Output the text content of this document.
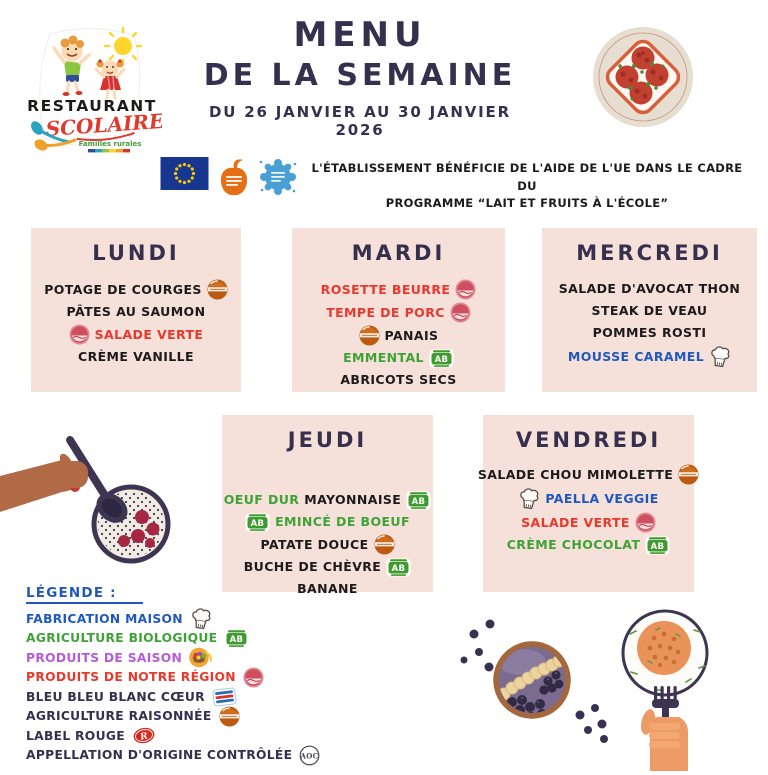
RESTAURANT
SCOLAIRE
Familles rurales
MENU
DE LA SEMAINE
DU 26 JANVIER AU 30 JANVIER 2026
L'ÉTABLISSEMENT BÉNÉFICIE DE L'AIDE DE L'UE DANS LE CADRE DU
PROGRAMME “LAIT ET FRUITS À L'ÉCOLE”
LUNDI
POTAGE DE COURGES
PÂTES AU SAUMON
SALADE VERTE
CRÈME VANILLE
MARDI
ROSETTE BEURRE
TEMPE DE PORC
PANAIS
EMMENTAL AB
ABRICOTS SECS
MERCREDI
SALADE D'AVOCAT THON
STEAK DE VEAU
POMMES ROSTI
MOUSSE CARAMEL
JEUDI
OEUF DUR MAYONNAISE AB
AB EMINCÉ DE BOEUF
PATATE DOUCE
BUCHE DE CHÈVRE AB
BANANE
VENDREDI
SALADE CHOU MIMOLETTE
PAELLA VEGGIE
SALADE VERTE
CRÈME CHOCOLAT AB
LÉGENDE :
FABRICATION MAISON
AGRICULTURE BIOLOGIQUE AB
PRODUITS DE SAISON
PRODUITS DE NOTRE RÉGION
BLEU BLEU BLANC CŒUR
AGRICULTURE RAISONNÉE
LABEL ROUGE R
APPELLATION D'ORIGINE CONTRÔLÉE AOC
